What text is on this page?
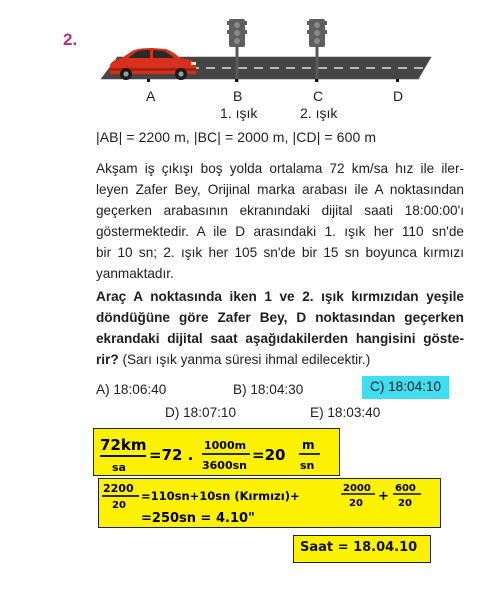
2.
A	B	C	D
1. ışık	2. ışık
|AB| = 2200 m, |BC| = 2000 m, |CD| = 600 m
Akşam iş çıkışı boş yolda ortalama 72 km/sa hız ile iler-
leyen Zafer Bey, Orijinal marka arabası ile A noktasından
geçerken arabasının ekranındaki dijital saati 18:00:00'ı
göstermektedir. A ile D arasındaki 1. ışık her 110 sn'de
bir 10 sn; 2. ışık her 105 sn'de bir 15 sn boyunca kırmızı
yanmaktadır.
Araç A noktasında iken 1 ve 2. ışık kırmızıdan yeşile
döndüğüne göre Zafer Bey, D noktasından geçerken
ekrandaki dijital saat aşağıdakilerden hangisini göste-
rir? (Sarı ışık yanma süresi ihmal edilecektir.)
A) 18:06:40	B) 18:04:30	C) 18:04:10
D) 18:07:10	E) 18:03:40
72km
sa
=72 .
1000m
3600sn
=20
m
sn
2200
20
=110sn+10sn (Kırmızı)+
2000
20 +
600
20
=250sn = 4.10"
Saat = 18.04.10
